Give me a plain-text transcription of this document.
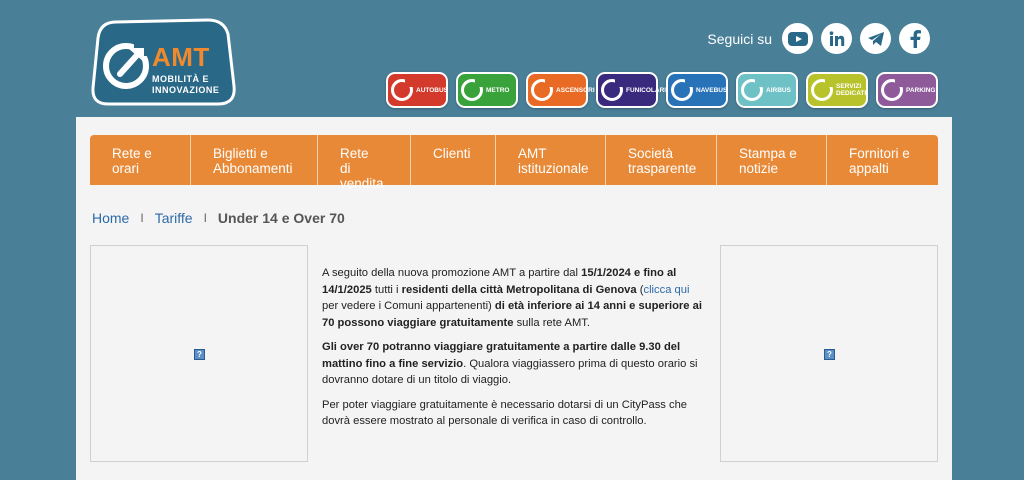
AMT
MOBILITÀ E INNOVAZIONE
Seguici su
AUTOBUS	METRO	ASCENSORI	FUNICOLARI	NAVEBUS	AIRBUS	SERVIZI DEDICATI	PARKING
Rete e orari
Biglietti e Abbonamenti
Rete di vendita
Clienti	AMT istituzionale
Società trasparente
Stampa e notizie
Fornitori e appalti
Home I Tariffe I Under 14 e Over 70
?

A seguito della nuova promozione AMT a partire dal 15/1/2024 e fino al 14/1/2025 tutti i residenti della città Metropolitana di Genova (clicca qui per vedere i Comuni appartenenti) di età inferiore ai 14 anni e superiore ai 70 possono viaggiare gratuitamente sulla rete AMT.

Gli over 70 potranno viaggiare gratuitamente a partire dalle 9.30 del mattino fino a fine servizio. Qualora viaggiassero prima di questo orario si dovranno dotare di un titolo di viaggio.

Per poter viaggiare gratuitamente è necessario dotarsi di un CityPass che dovrà essere mostrato al personale di verifica in caso di controllo.

?
